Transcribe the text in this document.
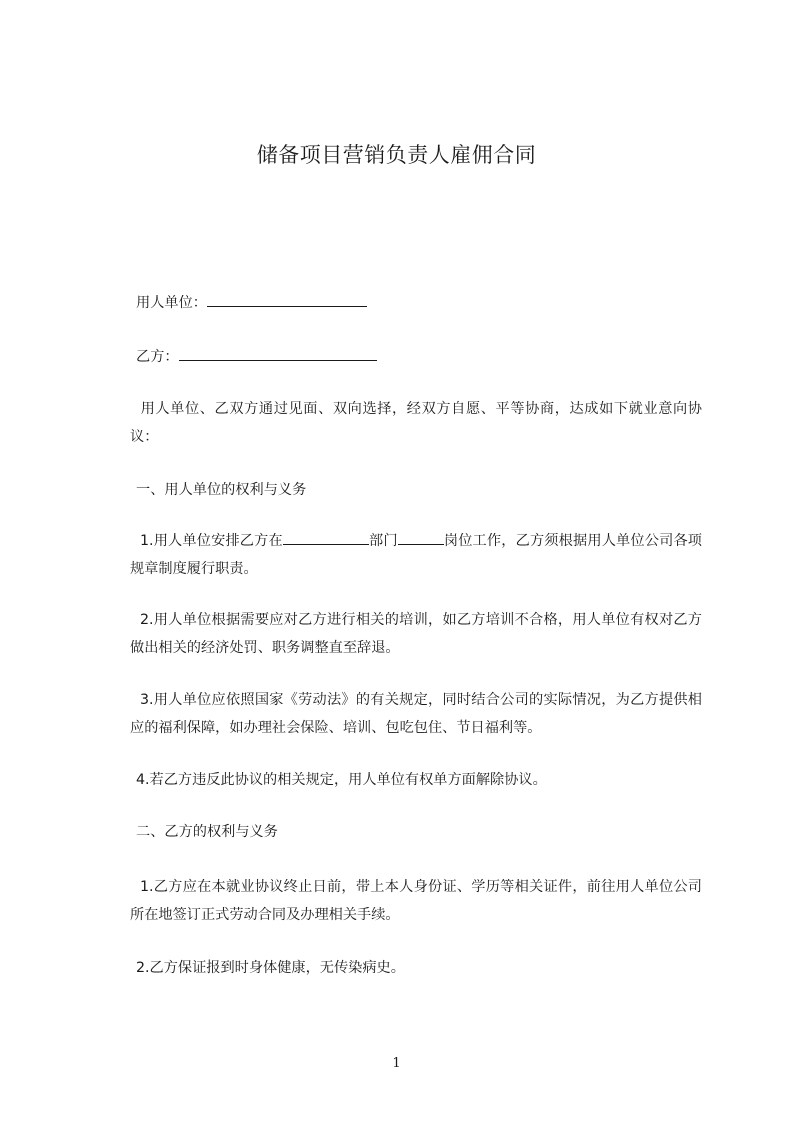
储备项目营销负责人雇佣合同
用人单位：
乙方：
用人单位、乙双方通过见面、双向选择，经双方自愿、平等协商，达成如下就业意向协议：
一、用人单位的权利与义务
1.用人单位安排乙方在	部门	岗位工作，乙方须根据用人单位公司各项规章制度履行职责。
2.用人单位根据需要应对乙方进行相关的培训，如乙方培训不合格，用人单位有权对乙方做出相关的经济处罚、职务调整直至辞退。
3.用人单位应依照国家《劳动法》的有关规定，同时结合公司的实际情况，为乙方提供相应的福利保障，如办理社会保险、培训、包吃包住、节日福利等。
4.若乙方违反此协议的相关规定，用人单位有权单方面解除协议。
二、乙方的权利与义务
1.乙方应在本就业协议终止日前，带上本人身份证、学历等相关证件，前往用人单位公司所在地签订正式劳动合同及办理相关手续。
2.乙方保证报到时身体健康，无传染病史。
1
